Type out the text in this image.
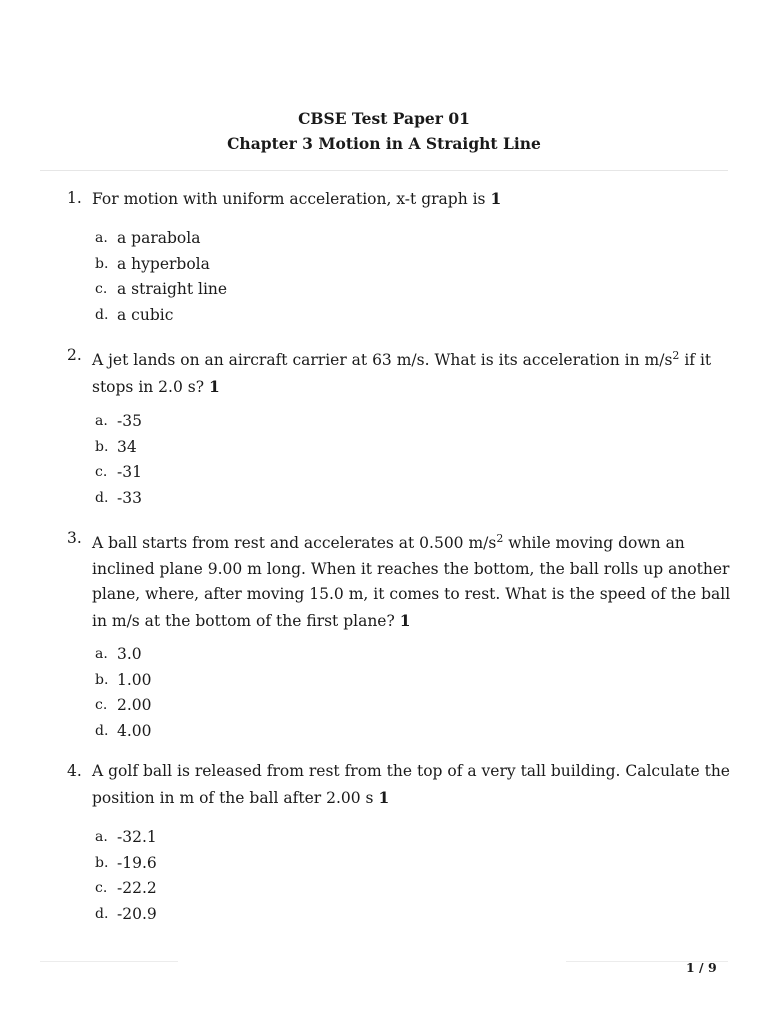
CBSE Test Paper 01
Chapter 3 Motion in A Straight Line
1. For motion with uniform acceleration, x-t graph is 1
a. a parabola
b. a hyperbola
c. a straight line
d. a cubic
2. A jet lands on an aircraft carrier at 63 m/s. What is its acceleration in $m/s^2$ if it stops in 2.0 s? 1
a. -35
b. 34
c. -31
d. -33
3. A ball starts from rest and accelerates at 0.500 $m/s^2$ while moving down an inclined plane 9.00 m long. When it reaches the bottom, the ball rolls up another plane, where, after moving 15.0 m, it comes to rest. What is the speed of the ball in m/s at the bottom of the first plane? 1
a. 3.0
b. 1.00
c. 2.00
d. 4.00
4. A golf ball is released from rest from the top of a very tall building. Calculate the position in m of the ball after 2.00 s 1
a. -32.1
b. -19.6
c. -22.2
d. -20.9
1 / 9
